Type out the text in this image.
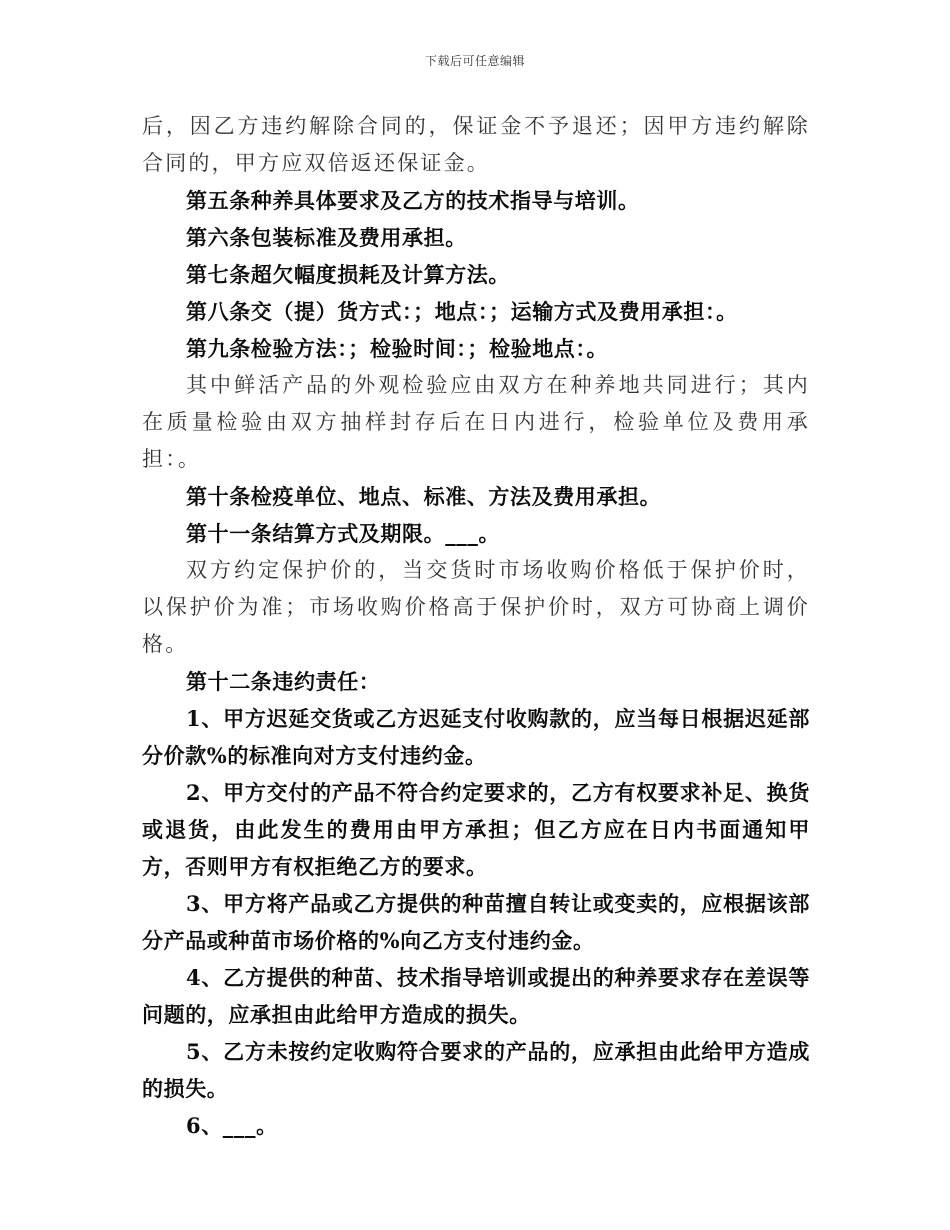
下载后可任意编辑

后，因乙方违约解除合同的，保证金不予退还；因甲方违约解除合同的，甲方应双倍返还保证金。

第五条种养具体要求及乙方的技术指导与培训。

第六条包装标准及费用承担。

第七条超欠幅度损耗及计算方法。

第八条交（提）货方式：；地点：；运输方式及费用承担：。

第九条检验方法：；检验时间：；检验地点：。

其中鲜活产品的外观检验应由双方在种养地共同进行；其内在质量检验由双方抽样封存后在日内进行，检验单位及费用承担：。

第十条检疫单位、地点、标准、方法及费用承担。

第十一条结算方式及期限。___。

双方约定保护价的，当交货时市场收购价格低于保护价时，以保护价为准；市场收购价格高于保护价时，双方可协商上调价格。

第十二条违约责任：

1、甲方迟延交货或乙方迟延支付收购款的，应当每日根据迟延部分价款%的标准向对方支付违约金。

2、甲方交付的产品不符合约定要求的，乙方有权要求补足、换货或退货，由此发生的费用由甲方承担；但乙方应在日内书面通知甲方，否则甲方有权拒绝乙方的要求。

3、甲方将产品或乙方提供的种苗擅自转让或变卖的，应根据该部分产品或种苗市场价格的%向乙方支付违约金。

4、乙方提供的种苗、技术指导培训或提出的种养要求存在差误等问题的，应承担由此给甲方造成的损失。

5、乙方未按约定收购符合要求的产品的，应承担由此给甲方造成的损失。

6、___。
